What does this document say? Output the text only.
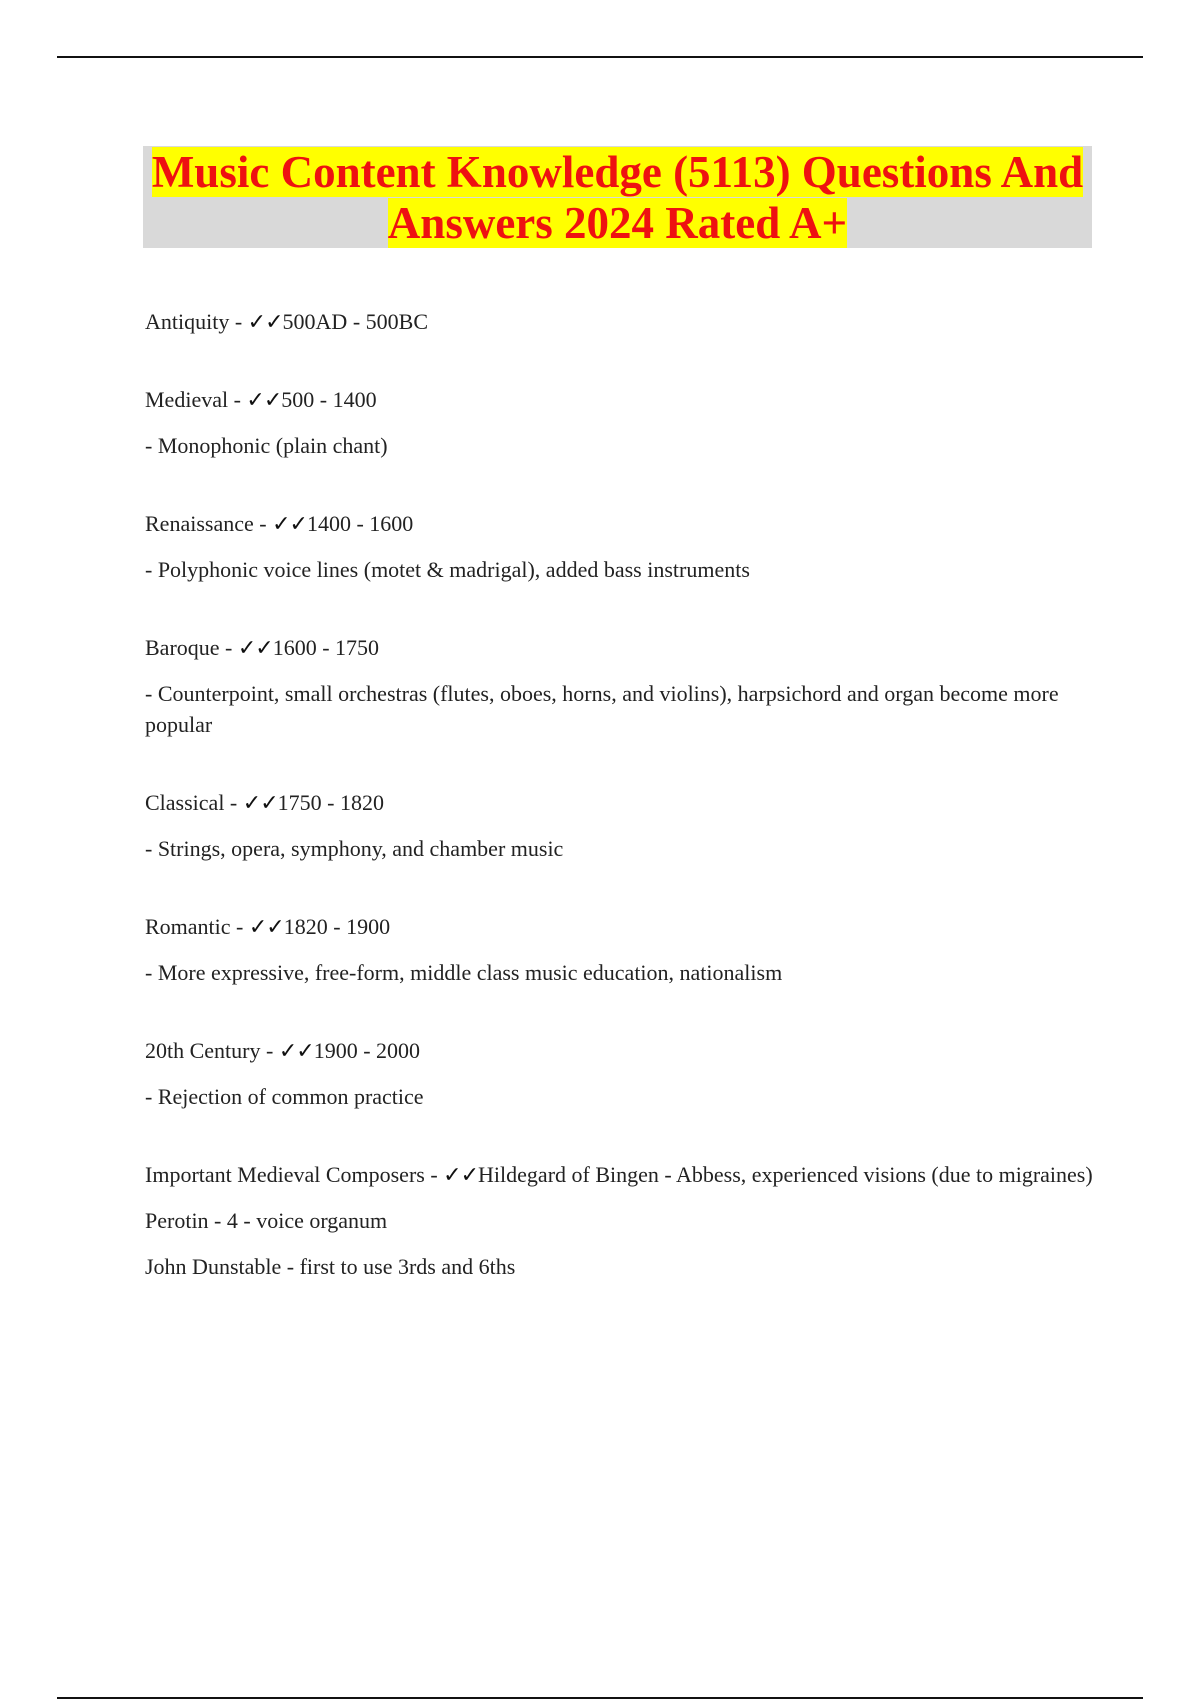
Music Content Knowledge (5113) Questions And
Answers 2024 Rated A+

Antiquity - ✓✓500AD - 500BC

Medieval - ✓✓500 - 1400

- Monophonic (plain chant)

Renaissance - ✓✓1400 - 1600

- Polyphonic voice lines (motet & madrigal), added bass instruments

Baroque - ✓✓1600 - 1750

- Counterpoint, small orchestras (flutes, oboes, horns, and violins), harpsichord and organ become more popular

Classical - ✓✓1750 - 1820

- Strings, opera, symphony, and chamber music

Romantic - ✓✓1820 - 1900

- More expressive, free-form, middle class music education, nationalism

20th Century - ✓✓1900 - 2000

- Rejection of common practice

Important Medieval Composers - ✓✓Hildegard of Bingen - Abbess, experienced visions (due to migraines)

Perotin - 4 - voice organum

John Dunstable - first to use 3rds and 6ths
